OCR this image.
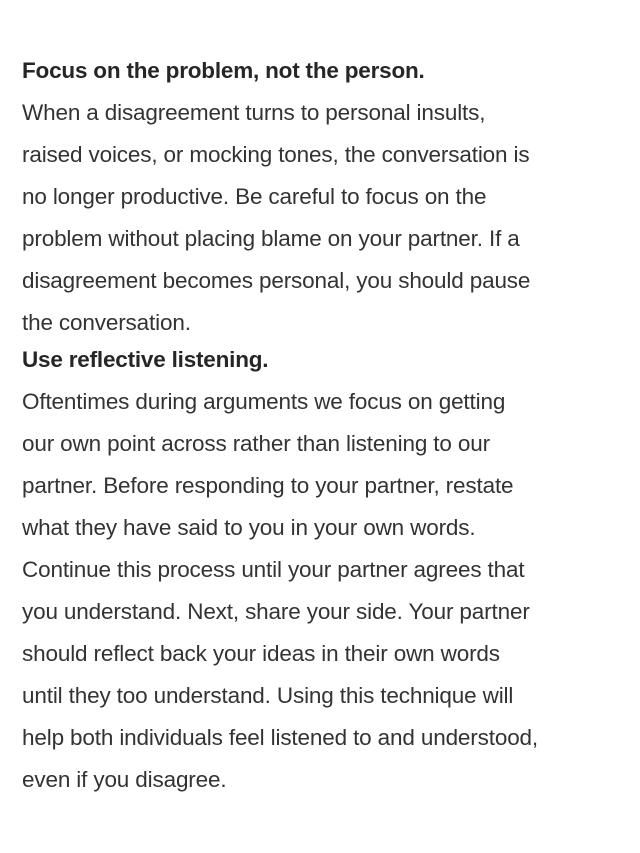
Focus on the problem, not the person.

When a disagreement turns to personal insults,

raised voices, or mocking tones, the conversation is

no longer productive. Be careful to focus on the

problem without placing blame on your partner. If a

disagreement becomes personal, you should pause

the conversation.

Use reflective listening.

Oftentimes during arguments we focus on getting

our own point across rather than listening to our

partner. Before responding to your partner, restate

what they have said to you in your own words.

Continue this process until your partner agrees that

you understand. Next, share your side. Your partner

should reflect back your ideas in their own words

until they too understand. Using this technique will

help both individuals feel listened to and understood,

even if you disagree.
